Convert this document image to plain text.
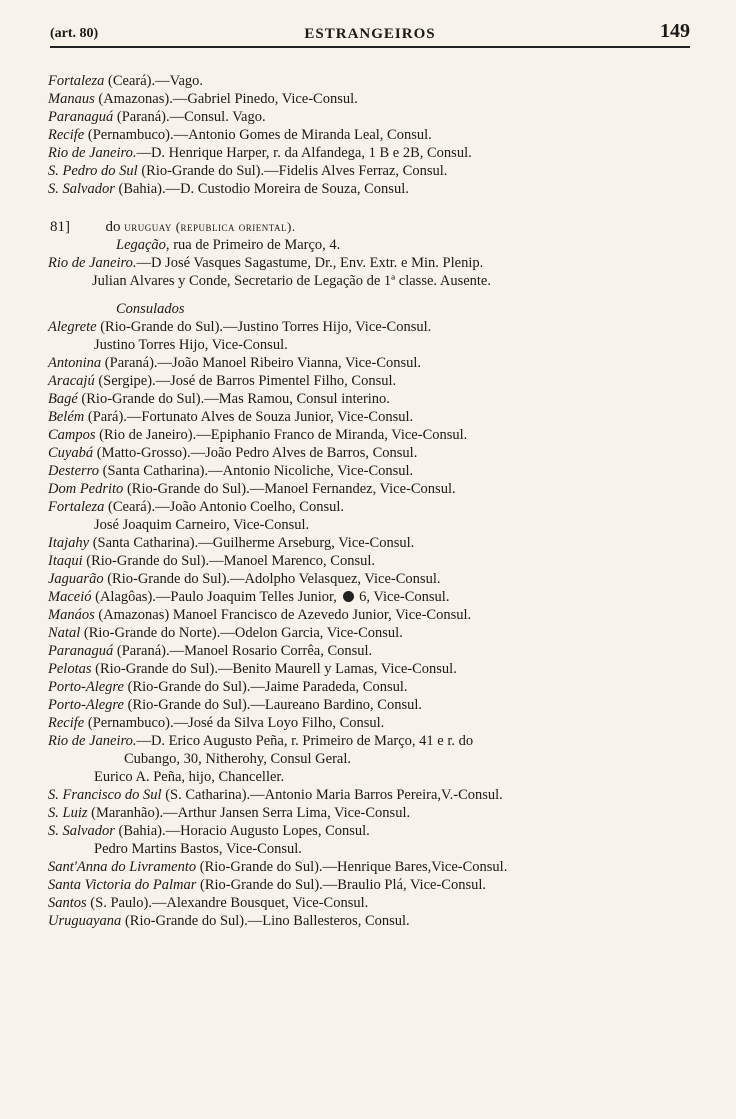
(art. 80)	ESTRANGEIROS	149
Fortaleza (Ceará).—Vago.
Manaus (Amazonas).—Gabriel Pinedo, Vice-Consul.
Paranaguá (Paraná).—Consul. Vago.
Recife (Pernambuco).—Antonio Gomes de Miranda Leal, Consul.
Rio de Janeiro.—D. Henrique Harper, r. da Alfandega, 1 B e 2B, Consul.
S. Pedro do Sul (Rio-Grande do Sul).—Fidelis Alves Ferraz, Consul.
S. Salvador (Bahia).—D. Custodio Moreira de Souza, Consul.
81] do uruguay (republica oriental).
Legação, rua de Primeiro de Março, 4.
Rio de Janeiro.—D José Vasques Sagastume, Dr., Env. Extr. e Min. Plenip.
Julian Alvares y Conde, Secretario de Legação de 1ª classe. Ausente.
Consulados
Alegrete (Rio-Grande do Sul).—Justino Torres Hijo, Vice-Consul.
Justino Torres Hijo, Vice-Consul.
Antonina (Paraná).—João Manoel Ribeiro Vianna, Vice-Consul.
Aracajú (Sergipe).—José de Barros Pimentel Filho, Consul.
Bagé (Rio-Grande do Sul).—Mas Ramou, Consul interino.
Belém (Pará).—Fortunato Alves de Souza Junior, Vice-Consul.
Campos (Rio de Janeiro).—Epiphanio Franco de Miranda, Vice-Consul.
Cuyabá (Matto-Grosso).—João Pedro Alves de Barros, Consul.
Desterro (Santa Catharina).—Antonio Nicoliche, Vice-Consul.
Dom Pedrito (Rio-Grande do Sul).—Manoel Fernandez, Vice-Consul.
Fortaleza (Ceará).—João Antonio Coelho, Consul.
José Joaquim Carneiro, Vice-Consul.
Itajahy (Santa Catharina).—Guilherme Arseburg, Vice-Consul.
Itaqui (Rio-Grande do Sul).—Manoel Marenco, Consul.
Jaguarão (Rio-Grande do Sul).—Adolpho Velasquez, Vice-Consul.
Maceió (Alagôas).—Paulo Joaquim Telles Junior, 6, Vice-Consul.
Manáos (Amazonas) Manoel Francisco de Azevedo Junior, Vice-Consul.
Natal (Rio-Grande do Norte).—Odelon Garcia, Vice-Consul.
Paranaguá (Paraná).—Manoel Rosario Corrêa, Consul.
Pelotas (Rio-Grande do Sul).—Benito Maurell y Lamas, Vice-Consul.
Porto-Alegre (Rio-Grande do Sul).—Jaime Paradeda, Consul.
Porto-Alegre (Rio-Grande do Sul).—Laureano Bardino, Consul.
Recife (Pernambuco).—José da Silva Loyo Filho, Consul.
Rio de Janeiro.—D. Erico Augusto Peña, r. Primeiro de Março, 41 e r. do
Cubango, 30, Nitherohy, Consul Geral.
Eurico A. Peña, hijo, Chanceller.
S. Francisco do Sul (S. Catharina).—Antonio Maria Barros Pereira,V.-Consul.
S. Luiz (Maranhão).—Arthur Jansen Serra Lima, Vice-Consul.
S. Salvador (Bahia).—Horacio Augusto Lopes, Consul.
Pedro Martins Bastos, Vice-Consul.
Sant'Anna do Livramento (Rio-Grande do Sul).—Henrique Bares,Vice-Consul.
Santa Victoria do Palmar (Rio-Grande do Sul).—Braulio Plá, Vice-Consul.
Santos (S. Paulo).—Alexandre Bousquet, Vice-Consul.
Uruguayana (Rio-Grande do Sul).—Lino Ballesteros, Consul.
